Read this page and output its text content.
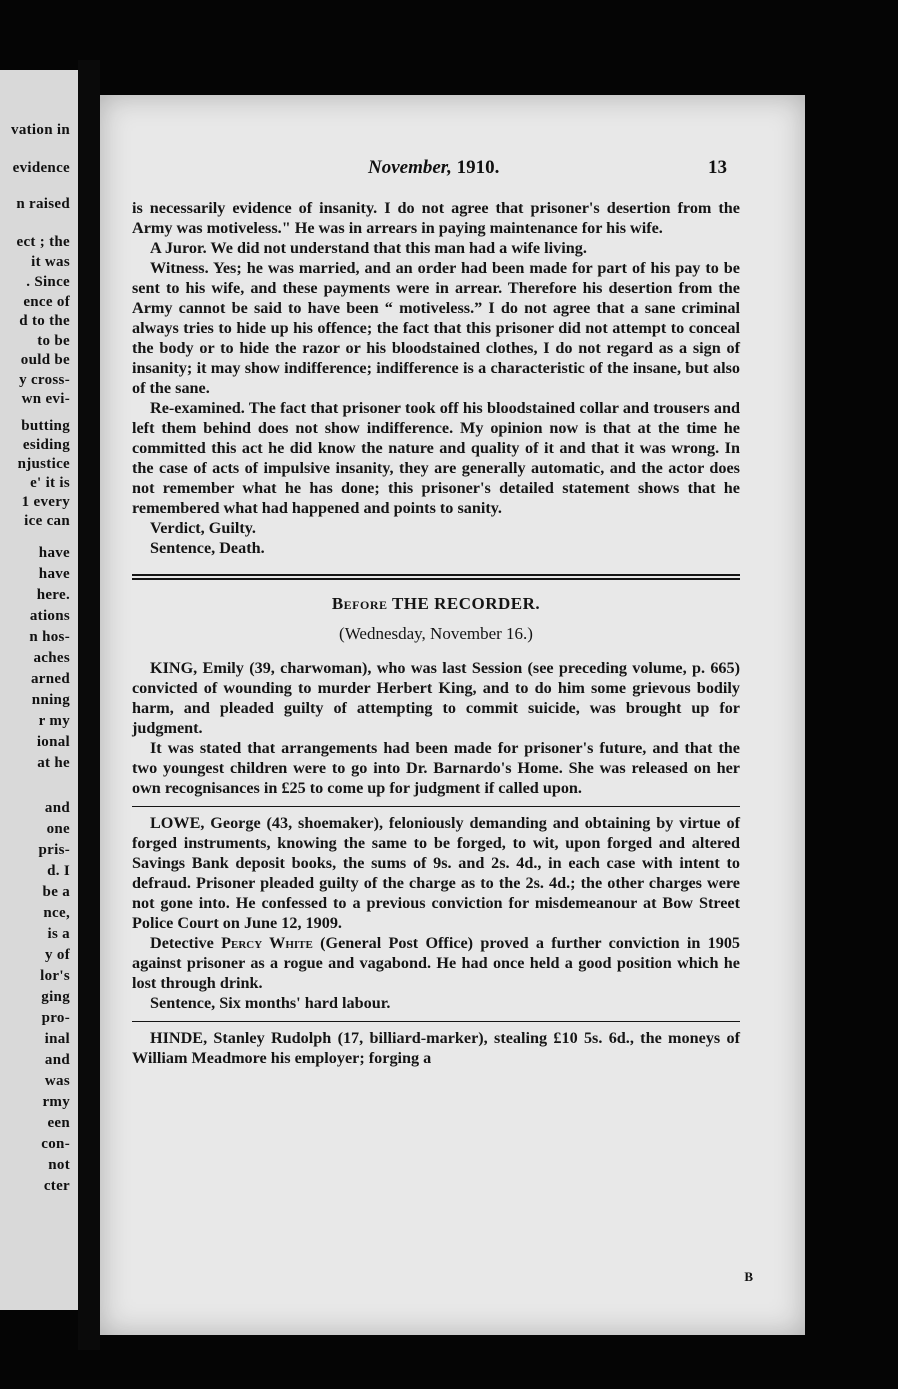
vation in
evidence
n raised
ect ; the
it was
. Since
ence of
d to the
to be
ould be
y cross-
wn evi-
butting
esiding
njustice
e' it is
1 every
ice can
have
have
here.
ations
n hos-
aches
arned
nning
r my
ional
at he
and
one
pris-
d. I
be a
nce,
is a
y of
lor's
ging
pro-
inal
and
was
rmy
een
con-
not
cter
November, 1910.	13

is necessarily evidence of insanity. I do not agree that prisoner's desertion from the Army was motiveless." He was in arrears in paying maintenance for his wife.

A Juror. We did not understand that this man had a wife living.

Witness. Yes; he was married, and an order had been made for part of his pay to be sent to his wife, and these payments were in arrear. Therefore his desertion from the Army cannot be said to have been “ motiveless.” I do not agree that a sane criminal always tries to hide up his offence; the fact that this prisoner did not attempt to conceal the body or to hide the razor or his bloodstained clothes, I do not regard as a sign of insanity; it may show indifference; indifference is a characteristic of the insane, but also of the sane.

Re-examined. The fact that prisoner took off his bloodstained collar and trousers and left them behind does not show indifference. My opinion now is that at the time he committed this act he did know the nature and quality of it and that it was wrong. In the case of acts of impulsive insanity, they are generally automatic, and the actor does not remember what he has done; this prisoner's detailed statement shows that he remembered what had happened and points to sanity.

Verdict, Guilty.

Sentence, Death.

Before THE RECORDER.

(Wednesday, November 16.)

KING, Emily (39, charwoman), who was last Session (see preceding volume, p. 665) convicted of wounding to murder Herbert King, and to do him some grievous bodily harm, and pleaded guilty of attempting to commit suicide, was brought up for judgment.

It was stated that arrangements had been made for prisoner's future, and that the two youngest children were to go into Dr. Barnardo's Home. She was released on her own recognisances in £25 to come up for judgment if called upon.

LOWE, George (43, shoemaker), feloniously demanding and obtaining by virtue of forged instruments, knowing the same to be forged, to wit, upon forged and altered Savings Bank deposit books, the sums of 9s. and 2s. 4d., in each case with intent to defraud. Prisoner pleaded guilty of the charge as to the 2s. 4d.; the other charges were not gone into. He confessed to a previous conviction for misdemeanour at Bow Street Police Court on June 12, 1909.

Detective Percy White (General Post Office) proved a further conviction in 1905 against prisoner as a rogue and vagabond. He had once held a good position which he lost through drink.

Sentence, Six months' hard labour.

HINDE, Stanley Rudolph (17, billiard-marker), stealing £10 5s. 6d., the moneys of William Meadmore his employer; forging a

B
